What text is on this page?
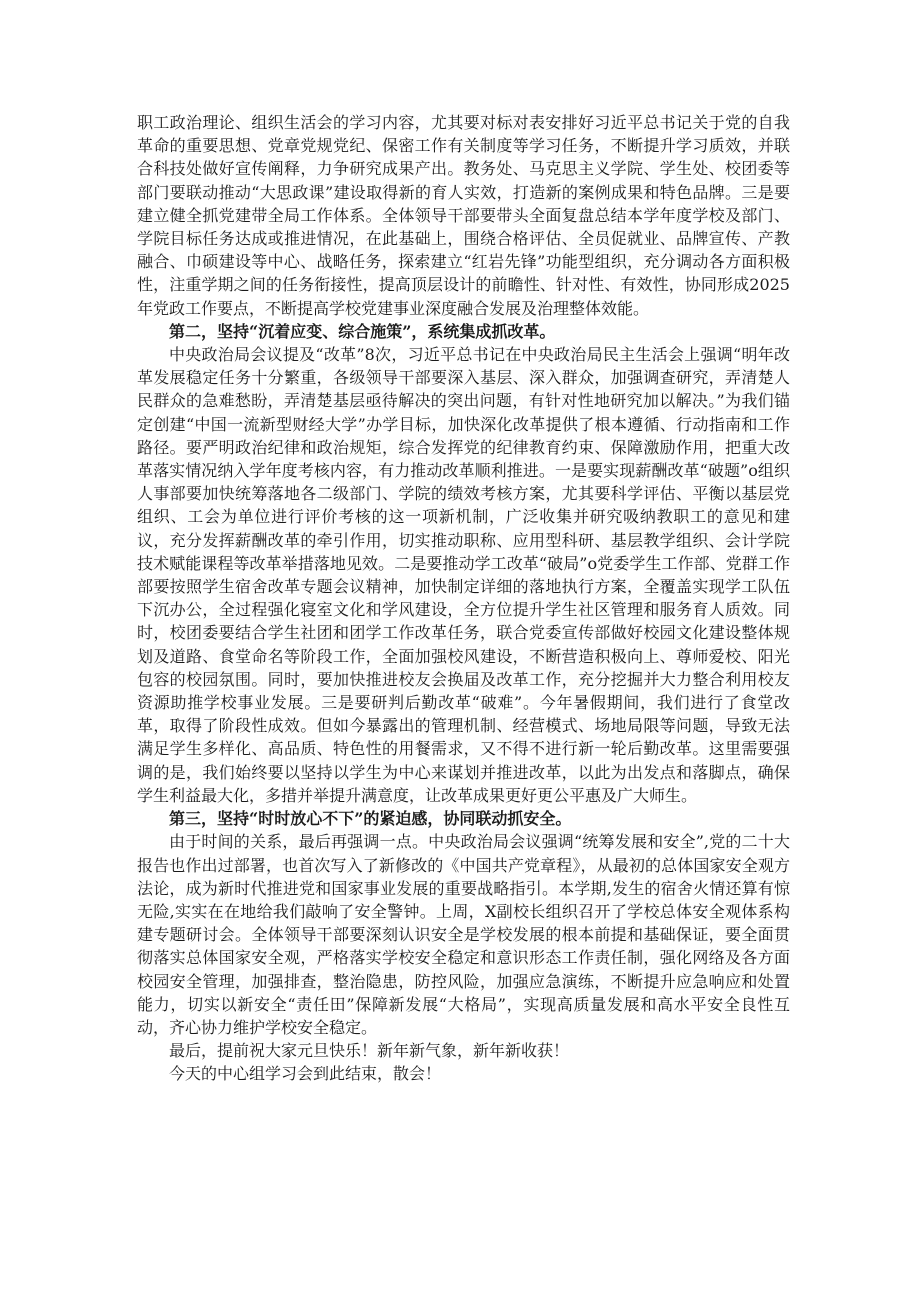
职工政治理论、组织生活会的学习内容，尤其要对标对表安排好习近平总书记关于党的自我革命的重要思想、党章党规党纪、保密工作有关制度等学习任务，不断提升学习质效，并联合科技处做好宣传阐释，力争研究成果产出。教务处、马克思主义学院、学生处、校团委等部门要联动推动“大思政课”建设取得新的育人实效，打造新的案例成果和特色品牌。三是要建立健全抓党建带全局工作体系。全体领导干部要带头全面复盘总结本学年度学校及部门、学院目标任务达成或推进情况，在此基础上，围绕合格评估、全员促就业、品牌宣传、产教融合、巾硕建设等中心、战略任务，探索建立“红岩先锋”功能型组织，充分调动各方面积极性，注重学期之间的任务衔接性，提高顶层设计的前瞻性、针对性、有效性，协同形成2025年党政工作要点，不断提高学校党建事业深度融合发展及治理整体效能。

第二，坚持“沉着应变、综合施策”，系统集成抓改革。

中央政治局会议提及“改革”8次，习近平总书记在中央政治局民主生活会上强调“明年改革发展稳定任务十分繁重，各级领导干部要深入基层、深入群众，加强调查研究，弄清楚人民群众的急难愁盼，弄清楚基层亟待解决的突出问题，有针对性地研究加以解决。”为我们锚定创建“中国一流新型财经大学”办学目标，加快深化改革提供了根本遵循、行动指南和工作路径。要严明政治纪律和政治规矩，综合发挥党的纪律教育约束、保障激励作用，把重大改革落实情况纳入学年度考核内容，有力推动改革顺利推进。一是要实现薪酬改革“破题”o组织人事部要加快统筹落地各二级部门、学院的绩效考核方案，尤其要科学评估、平衡以基层党组织、工会为单位进行评价考核的这一项新机制，广泛收集并研究吸纳教职工的意见和建议，充分发挥薪酬改革的牵引作用，切实推动职称、应用型科研、基层教学组织、会计学院技术赋能课程等改革举措落地见效。二是要推动学工改革“破局”o党委学生工作部、党群工作部要按照学生宿舍改革专题会议精神，加快制定详细的落地执行方案，全覆盖实现学工队伍下沉办公，全过程强化寝室文化和学风建设，全方位提升学生社区管理和服务育人质效。同时，校团委要结合学生社团和团学工作改革任务，联合党委宣传部做好校园文化建设整体规划及道路、食堂命名等阶段工作，全面加强校风建设，不断营造积极向上、尊师爱校、阳光包容的校园氛围。同时，要加快推进校友会换届及改革工作，充分挖掘并大力整合利用校友资源助推学校事业发展。三是要研判后勤改革“破难”。今年暑假期间，我们进行了食堂改革，取得了阶段性成效。但如今暴露出的管理机制、经营模式、场地局限等问题，导致无法满足学生多样化、高品质、特色性的用餐需求，又不得不进行新一轮后勤改革。这里需要强调的是，我们始终要以坚持以学生为中心来谋划并推进改革，以此为出发点和落脚点，确保学生利益最大化，多措并举提升满意度，让改革成果更好更公平惠及广大师生。

第三，坚持“时时放心不下”的紧迫感，协同联动抓安全。

由于时间的关系，最后再强调一点。中央政治局会议强调“统筹发展和安全”,党的二十大报告也作出过部署，也首次写入了新修改的《中国共产党章程》，从最初的总体国家安全观方法论，成为新时代推进党和国家事业发展的重要战略指引。本学期,发生的宿舍火情还算有惊无险,实实在在地给我们敲响了安全警钟。上周，X副校长组织召开了学校总体安全观体系构建专题研讨会。全体领导干部要深刻认识安全是学校发展的根本前提和基础保证，要全面贯彻落实总体国家安全观，严格落实学校安全稳定和意识形态工作责任制，强化网络及各方面校园安全管理，加强排查，整治隐患，防控风险，加强应急演练，不断提升应急响应和处置能力，切实以新安全“责任田”保障新发展“大格局”，实现高质量发展和高水平安全良性互动，齐心协力维护学校安全稳定。

最后，提前祝大家元旦快乐！新年新气象，新年新收获！

今天的中心组学习会到此结束，散会！
